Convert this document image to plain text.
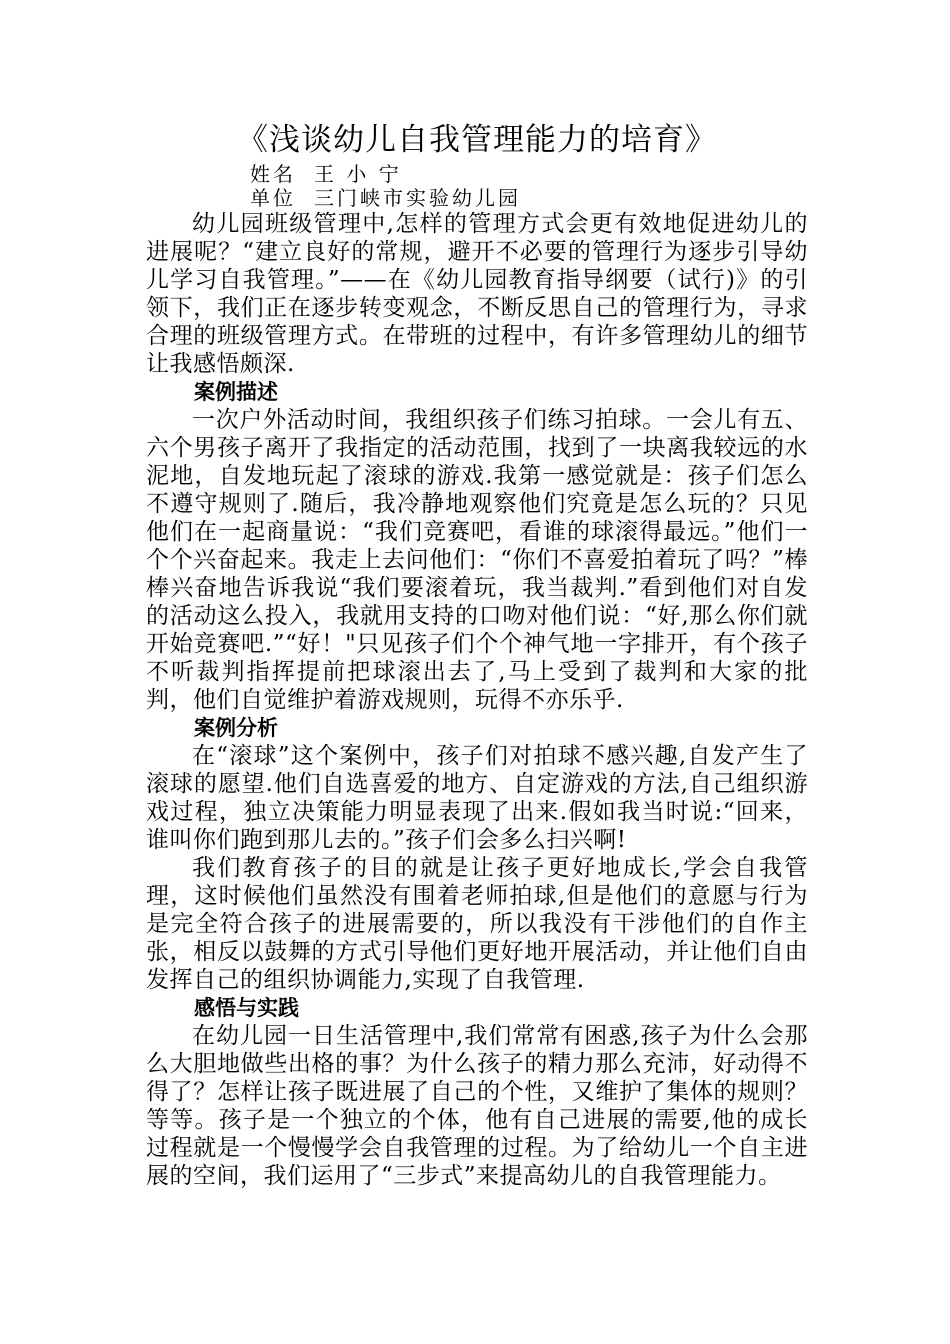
《浅谈幼儿自我管理能力的培育》
姓名 王 小 宁
单位 三门峡市实验幼儿园

幼儿园班级管理中,怎样的管理方式会更有效地促进幼儿的进展呢？“建立良好的常规，避开不必要的管理行为逐步引导幼儿学习自我管理。”——在《幼儿园教育指导纲要（试行)》的引领下，我们正在逐步转变观念，不断反思自己的管理行为，寻求合理的班级管理方式。在带班的过程中，有许多管理幼儿的细节让我感悟颇深.

案例描述

一次户外活动时间，我组织孩子们练习拍球。一会儿有五、六个男孩子离开了我指定的活动范围，找到了一块离我较远的水泥地，自发地玩起了滚球的游戏.我第一感觉就是：孩子们怎么不遵守规则了.随后，我冷静地观察他们究竟是怎么玩的？只见他们在一起商量说：“我们竞赛吧，看谁的球滚得最远。”他们一个个兴奋起来。我走上去问他们：“你们不喜爱拍着玩了吗？”棒棒兴奋地告诉我说“我们要滚着玩，我当裁判.”看到他们对自发的活动这么投入，我就用支持的口吻对他们说：“好,那么你们就开始竞赛吧.”“好！"只见孩子们个个神气地一字排开，有个孩子不听裁判指挥提前把球滚出去了,马上受到了裁判和大家的批判，他们自觉维护着游戏规则，玩得不亦乐乎.

案例分析

在“滚球”这个案例中，孩子们对拍球不感兴趣,自发产生了滚球的愿望.他们自选喜爱的地方、自定游戏的方法,自己组织游戏过程，独立决策能力明显表现了出来.假如我当时说:“回来，谁叫你们跑到那儿去的。”孩子们会多么扫兴啊!

我们教育孩子的目的就是让孩子更好地成长,学会自我管理，这时候他们虽然没有围着老师拍球,但是他们的意愿与行为是完全符合孩子的进展需要的，所以我没有干涉他们的自作主张，相反以鼓舞的方式引导他们更好地开展活动，并让他们自由发挥自己的组织协调能力,实现了自我管理.

感悟与实践

在幼儿园一日生活管理中,我们常常有困惑,孩子为什么会那么大胆地做些出格的事？为什么孩子的精力那么充沛，好动得不得了？怎样让孩子既进展了自己的个性，又维护了集体的规则？等等。孩子是一个独立的个体，他有自己进展的需要,他的成长过程就是一个慢慢学会自我管理的过程。为了给幼儿一个自主进展的空间，我们运用了“三步式”来提高幼儿的自我管理能力。
